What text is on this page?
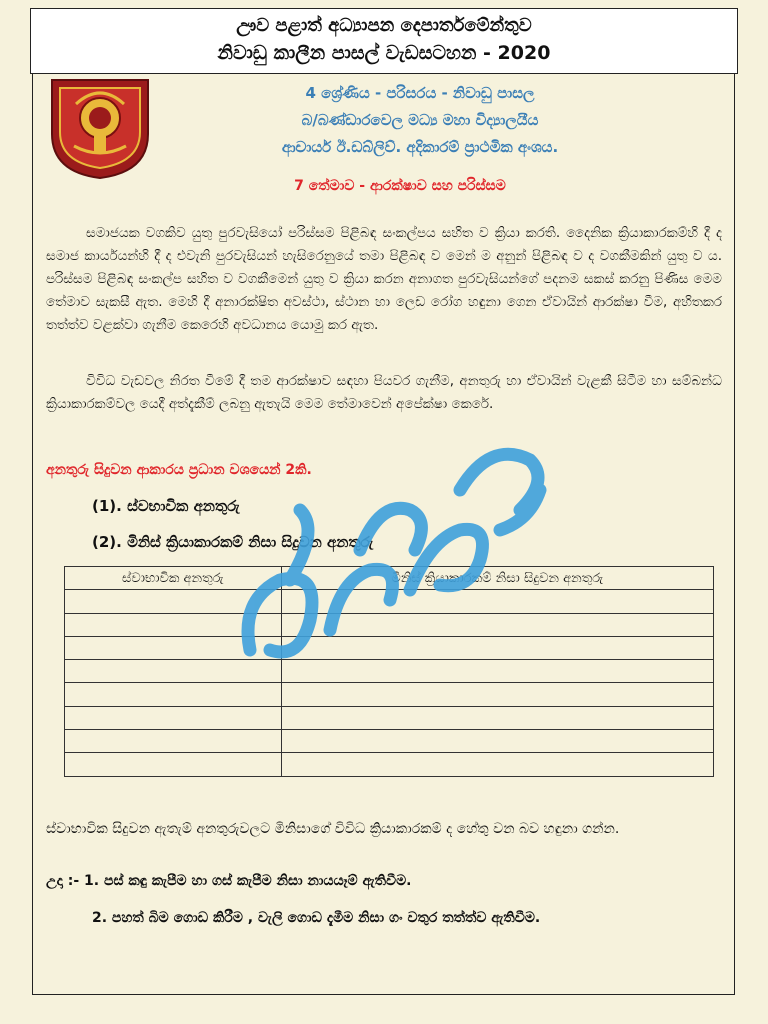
ඌව පළාත් අධ්‍යාපන දෙපාර්තමේන්තුව
නිවාඩු කාලීන පාසල් වැඩසටහන - 2020
4 ශ්‍රේණිය - පරිසරය - නිවාඩු පාසල
බ/බණ්ඩාරවෙල මධ්‍ය මහා විද්‍යාලයීය
ආචාර්ය ඊ.ඩබ්ලිව්. අදිකාරම් ප්‍රාථමික අංශය.
7 තේමාව - ආරක්ෂාව සහ පරිස්සම
සමාජයක වගකිව යුතු පුරවැසියෝ පරිස්සම පිළිබඳ සංකල්පය සහිත ව ක්‍රියා කරති. දෛනික ක්‍රියාකාරකම්හි දී ද සමාජ කාර්යයන්හි දී ද එවැනි පුරවැසියන් හැසිරෙනුයේ තමා පිළිබඳ ව මෙන් ම අනුන් පිළිබඳ ව ද වගකීමකින් යුතු ව ය. පරිස්සම පිළිබඳ සංකල්ප සහිත ව වගකීමෙන් යුතු ව ක්‍රියා කරන අනාගත පුරවැසියන්ගේ පදනම සකස් කරනු පිණිස මෙම තේමාව සැකසී ඇත. මෙහි දී අනාරක්ෂිත අවස්ථා, ස්ථාන හා ලෙඩ රෝග හඳුනා ගෙන ඒවායින් ආරක්ෂා වීම, අහිතකර තත්ත්ව වළක්වා ගැනීම කෙරෙහි අවධානය යොමු කර ඇත.
විවිධ වැඩවල නිරත වීමේ දී තම ආරක්ෂාව සඳහා පියවර ගැනීම, අනතුරු හා ඒවායින් වැළකී සිටීම හා සම්බන්ධ ක්‍රියාකාරකම්වල යෙදී අත්දැකීම් ලබනු ඇතැයි මෙම තේමාවෙන් අපේක්ෂා කෙරේ.
අනතුරු සිදුවන ආකාරය ප්‍රධාන වශයෙන් 2කි.
(1). ස්වභාවික අනතුරු
(2). මිනිස් ක්‍රියාකාරකම් නිසා සිදුවන අනතුරු
ස්වාභාවික අනතුරු	මිනිස් ක්‍රියාකාරකම් නිසා සිදුවන අනතුරු

ස්වාභාවික සිදුවන ඇතැම් අනතුරුවලට මිනිසාගේ විවිධ ක්‍රියාකාරකම් ද හේතු වන බව හඳුනා ගන්න.
උදා :- 1. පස් කඳු කැපීම හා ගස් කැපීම නිසා නායයෑම් ඇතිවීම.
2. පහත් බිම ගොඩ කිරීම , වැලි ගොඩ දැමීම නිසා ගං වතුර තත්ත්ව ඇතිවීම.
